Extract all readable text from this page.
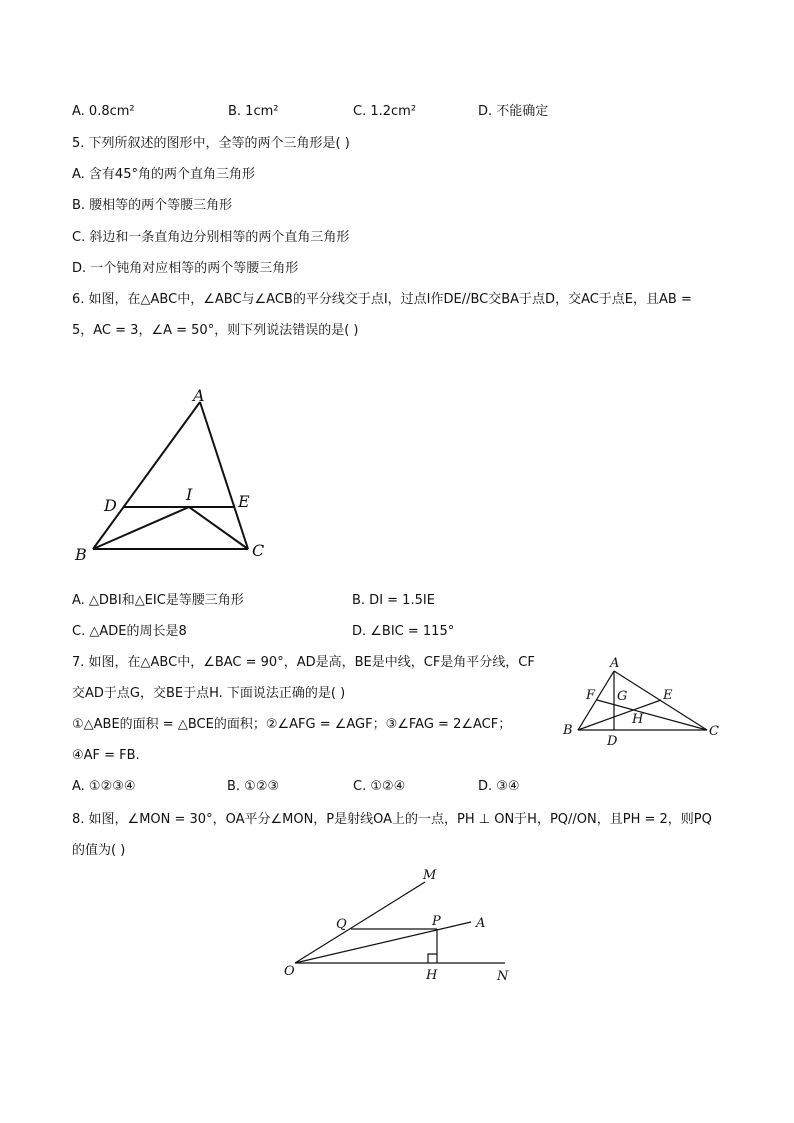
A. 0.8cm²	B. 1cm²	C. 1.2cm²	D. 不能确定
5. 下列所叙述的图形中，全等的两个三角形是( )
A. 含有45°角的两个直角三角形
B. 腰相等的两个等腰三角形
C. 斜边和一条直角边分别相等的两个直角三角形
D. 一个钝角对应相等的两个等腰三角形
6. 如图，在△ABC中，∠ABC与∠ACB的平分线交于点I，过点I作DE//BC交BA于点D，交AC于点E，且AB =
5，AC = 3，∠A = 50°，则下列说法错误的是( )
A
B	C
D	E
I
A. △DBI和△EIC是等腰三角形	B. DI = 1.5IE
C. △ADE的周长是8	D. ∠BIC = 115°
7. 如图，在△ABC中，∠BAC = 90°，AD是高，BE是中线，CF是角平分线，CF
交AD于点G，交BE于点H. 下面说法正确的是( )
①△ABE的面积 = △BCE的面积；②∠AFG = ∠AGF；③∠FAG = 2∠ACF；
④AF = FB.
A
B	C
D
E
F G
H
A. ①②③④	B. ①②③	C. ①②④	D. ③④
8. 如图，∠MON = 30°，OA平分∠MON，P是射线OA上的一点，PH ⊥ ON于H，PQ//ON，且PH = 2，则PQ
的值为( )
M
O	N
A
P
Q
H
